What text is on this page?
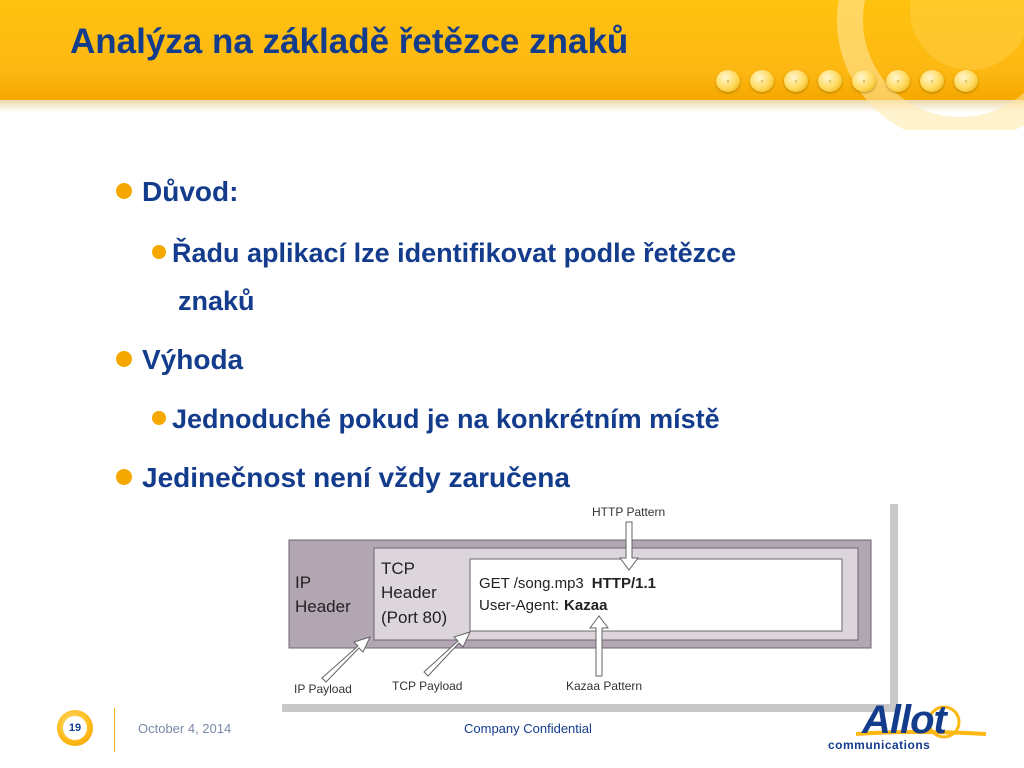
Analýza na základě řetězce znaků
◦	◦	◦	◦	◦	◦	◦	◦
Důvod:
Řadu aplikací lze identifikovat podle řetězce
znaků
Výhoda
Jednoduché pokud je na konkrétním místě
Jedinečnost není vždy zaručena
IP
Header
TCP
Header
(Port 80)
GET /song.mp3 HTTP/1.1
User-Agent: Kazaa
HTTP Pattern
Kazaa Pattern
IP Payload	TCP Payload
19	October 4, 2014	Company Confidential	Allot
communications
